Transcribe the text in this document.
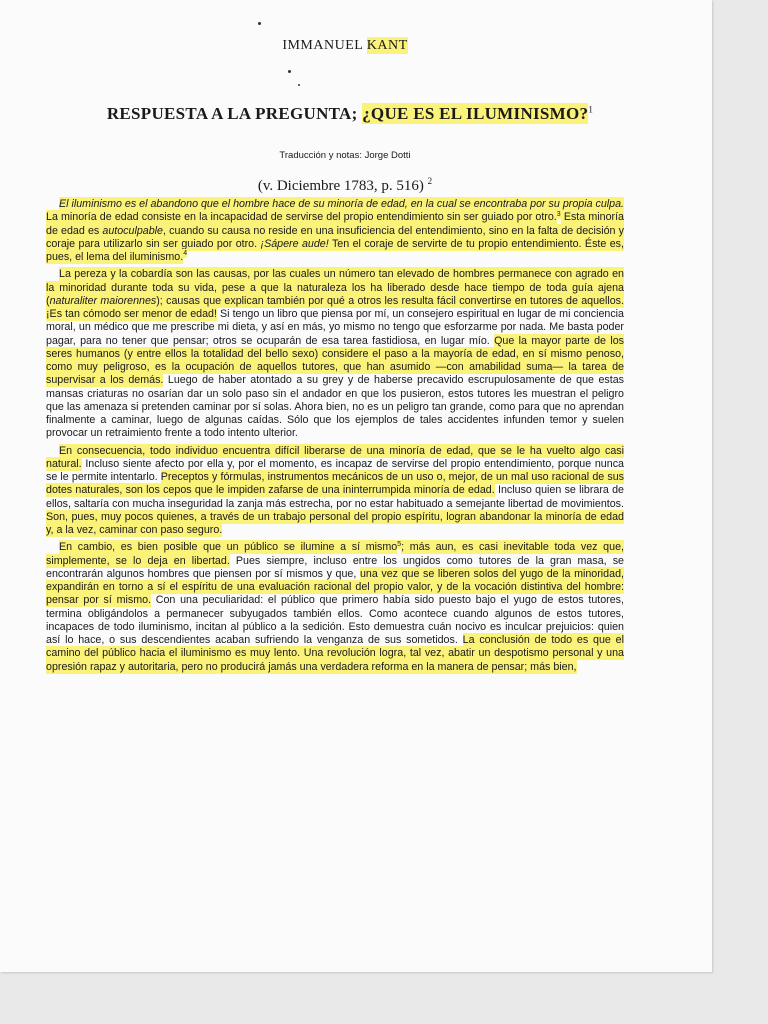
IMMANUEL KANT
RESPUESTA A LA PREGUNTA; ¿QUE ES EL ILUMINISMO?$^1$
Traducción y notas: Jorge Dotti
(v. Diciembre 1783, p. 516) $^2$

El iluminismo es el abandono que el hombre hace de su minoría de edad, en la cual se encontraba por su propia culpa. La minoría de edad consiste en la incapacidad de servirse del propio entendimiento sin ser guiado por otro.$^3$ Esta minoría de edad es autoculpable, cuando su causa no reside en una insuficiencia del entendimiento, sino en la falta de decisión y coraje para utilizarlo sin ser guiado por otro. ¡Sápere aude! Ten el coraje de servirte de tu propio entendimiento. Éste es, pues, el lema del iluminismo.$^4$

La pereza y la cobardía son las causas, por las cuales un número tan elevado de hombres permanece con agrado en la minoridad durante toda su vida, pese a que la naturaleza los ha liberado desde hace tiempo de toda guía ajena (naturaliter maiorennes); causas que explican también por qué a otros les resulta fácil convertirse en tutores de aquellos. ¡Es tan cómodo ser menor de edad! Si tengo un libro que piensa por mí, un consejero espiritual en lugar de mi conciencia moral, un médico que me prescribe mi dieta, y así en más, yo mismo no tengo que esforzarme por nada. Me basta poder pagar, para no tener que pensar; otros se ocuparán de esa tarea fastidiosa, en lugar mío. Que la mayor parte de los seres humanos (y entre ellos la totalidad del bello sexo) considere el paso a la mayoría de edad, en sí mismo penoso, como muy peligroso, es la ocupación de aquellos tutores, que han asumido —con amabilidad suma— la tarea de supervisar a los demás. Luego de haber atontado a su grey y de haberse precavido escrupulosamente de que estas mansas criaturas no osarían dar un solo paso sin el andador en que los pusieron, estos tutores les muestran el peligro que las amenaza si pretenden caminar por sí solas. Ahora bien, no es un peligro tan grande, como para que no aprendan finalmente a caminar, luego de algunas caídas. Sólo que los ejemplos de tales accidentes infunden temor y suelen provocar un retraimiento frente a todo intento ulterior.

En consecuencia, todo individuo encuentra difícil liberarse de una minoría de edad, que se le ha vuelto algo casi natural. Incluso siente afecto por ella y, por el momento, es incapaz de servirse del propio entendimiento, porque nunca se le permite intentarlo. Preceptos y fórmulas, instrumentos mecánicos de un uso o, mejor, de un mal uso racional de sus dotes naturales, son los cepos que le impiden zafarse de una ininterrumpida minoría de edad. Incluso quien se librara de ellos, saltaría con mucha inseguridad la zanja más estrecha, por no estar habituado a semejante libertad de movimientos. Son, pues, muy pocos quienes, a través de un trabajo personal del propio espíritu, logran abandonar la minoría de edad y, a la vez, caminar con paso seguro.

En cambio, es bien posible que un público se ilumine a sí mismo$^5$; más aun, es casi inevitable toda vez que, simplemente, se lo deja en libertad. Pues siempre, incluso entre los ungidos como tutores de la gran masa, se encontrarán algunos hombres que piensen por sí mismos y que, una vez que se liberen solos del yugo de la minoridad, expandirán en torno a sí el espíritu de una evaluación racional del propio valor, y de la vocación distintiva del hombre: pensar por sí mismo. Con una peculiaridad: el público que primero había sido puesto bajo el yugo de estos tutores, termina obligándolos a permanecer subyugados también ellos. Como acontece cuando algunos de estos tutores, incapaces de todo iluminismo, incitan al público a la sedición. Esto demuestra cuán nocivo es inculcar prejuicios: quien así lo hace, o sus descendientes acaban sufriendo la venganza de sus sometidos. La conclusión de todo es que el camino del público hacia el iluminismo es muy lento. Una revolución logra, tal vez, abatir un despotismo personal y una opresión rapaz y autoritaria, pero no producirá jamás una verdadera reforma en la manera de pensar; más bien,
